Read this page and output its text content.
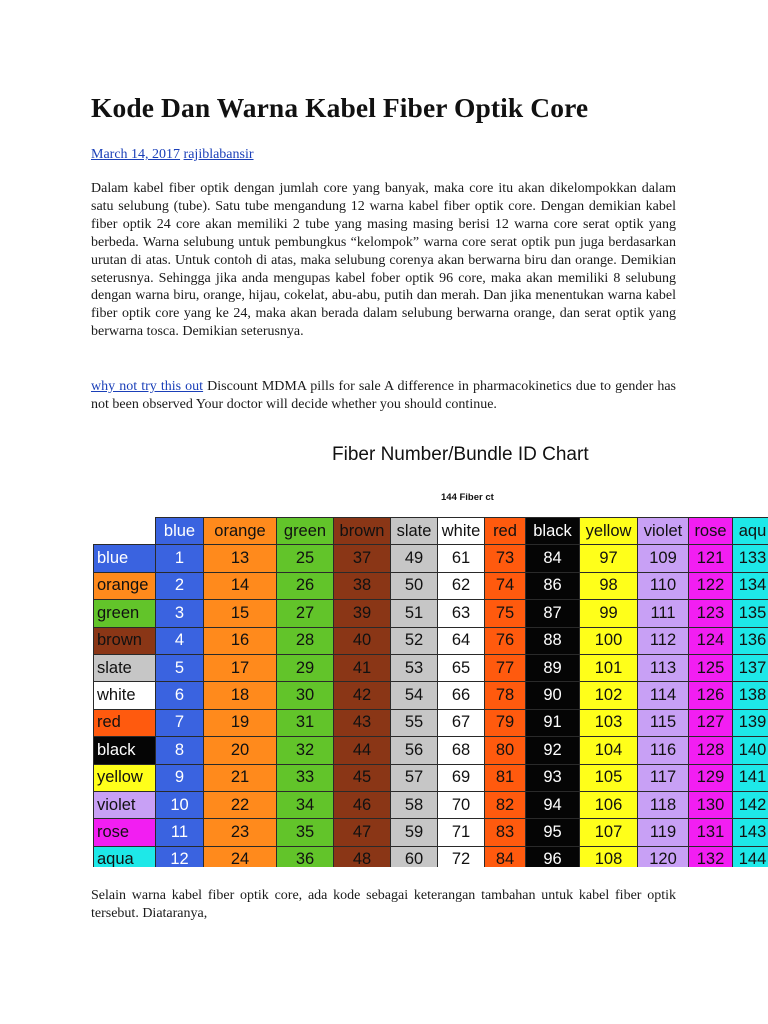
Kode Dan Warna Kabel Fiber Optik Core
March 14, 2017 rajiblabansir

Dalam kabel fiber optik dengan jumlah core yang banyak, maka core itu akan dikelompokkan dalam satu selubung (tube). Satu tube mengandung 12 warna kabel fiber optik core. Dengan demikian kabel fiber optik 24 core akan memiliki 2 tube yang masing masing berisi 12 warna core serat optik yang berbeda. Warna selubung untuk pembungkus “kelompok” warna core serat optik pun juga berdasarkan urutan di atas. Untuk contoh di atas, maka selubung corenya akan berwarna biru dan orange. Demikian seterusnya. Sehingga jika anda mengupas kabel fober optik 96 core, maka akan memiliki 8 selubung dengan warna biru, orange, hijau, cokelat, abu-abu, putih dan merah. Dan jika menentukan warna kabel fiber optik core yang ke 24, maka akan berada dalam selubung berwarna orange, dan serat optik yang berwarna tosca. Demikian seterusnya.

why not try this out Discount MDMA pills for sale A difference in pharmacokinetics due to gender has not been observed Your doctor will decide whether you should continue.

Fiber Number/Bundle ID Chart
144 Fiber ct
	blue	orange	green	brown	slate	white	red	black	yellow	violet	rose	aqu
blue	1	13	25	37	49	61	73	84	97	109	121	133
orange	2	14	26	38	50	62	74	86	98	110	122	134
green	3	15	27	39	51	63	75	87	99	111	123	135
brown	4	16	28	40	52	64	76	88	100	112	124	136
slate	5	17	29	41	53	65	77	89	101	113	125	137
white	6	18	30	42	54	66	78	90	102	114	126	138
red	7	19	31	43	55	67	79	91	103	115	127	139
black	8	20	32	44	56	68	80	92	104	116	128	140
yellow	9	21	33	45	57	69	81	93	105	117	129	141
violet	10	22	34	46	58	70	82	94	106	118	130	142
rose	11	23	35	47	59	71	83	95	107	119	131	143
aqua	12	24	36	48	60	72	84	96	108	120	132	144

Selain warna kabel fiber optik core, ada kode sebagai keterangan tambahan untuk kabel fiber optik tersebut. Diataranya,
